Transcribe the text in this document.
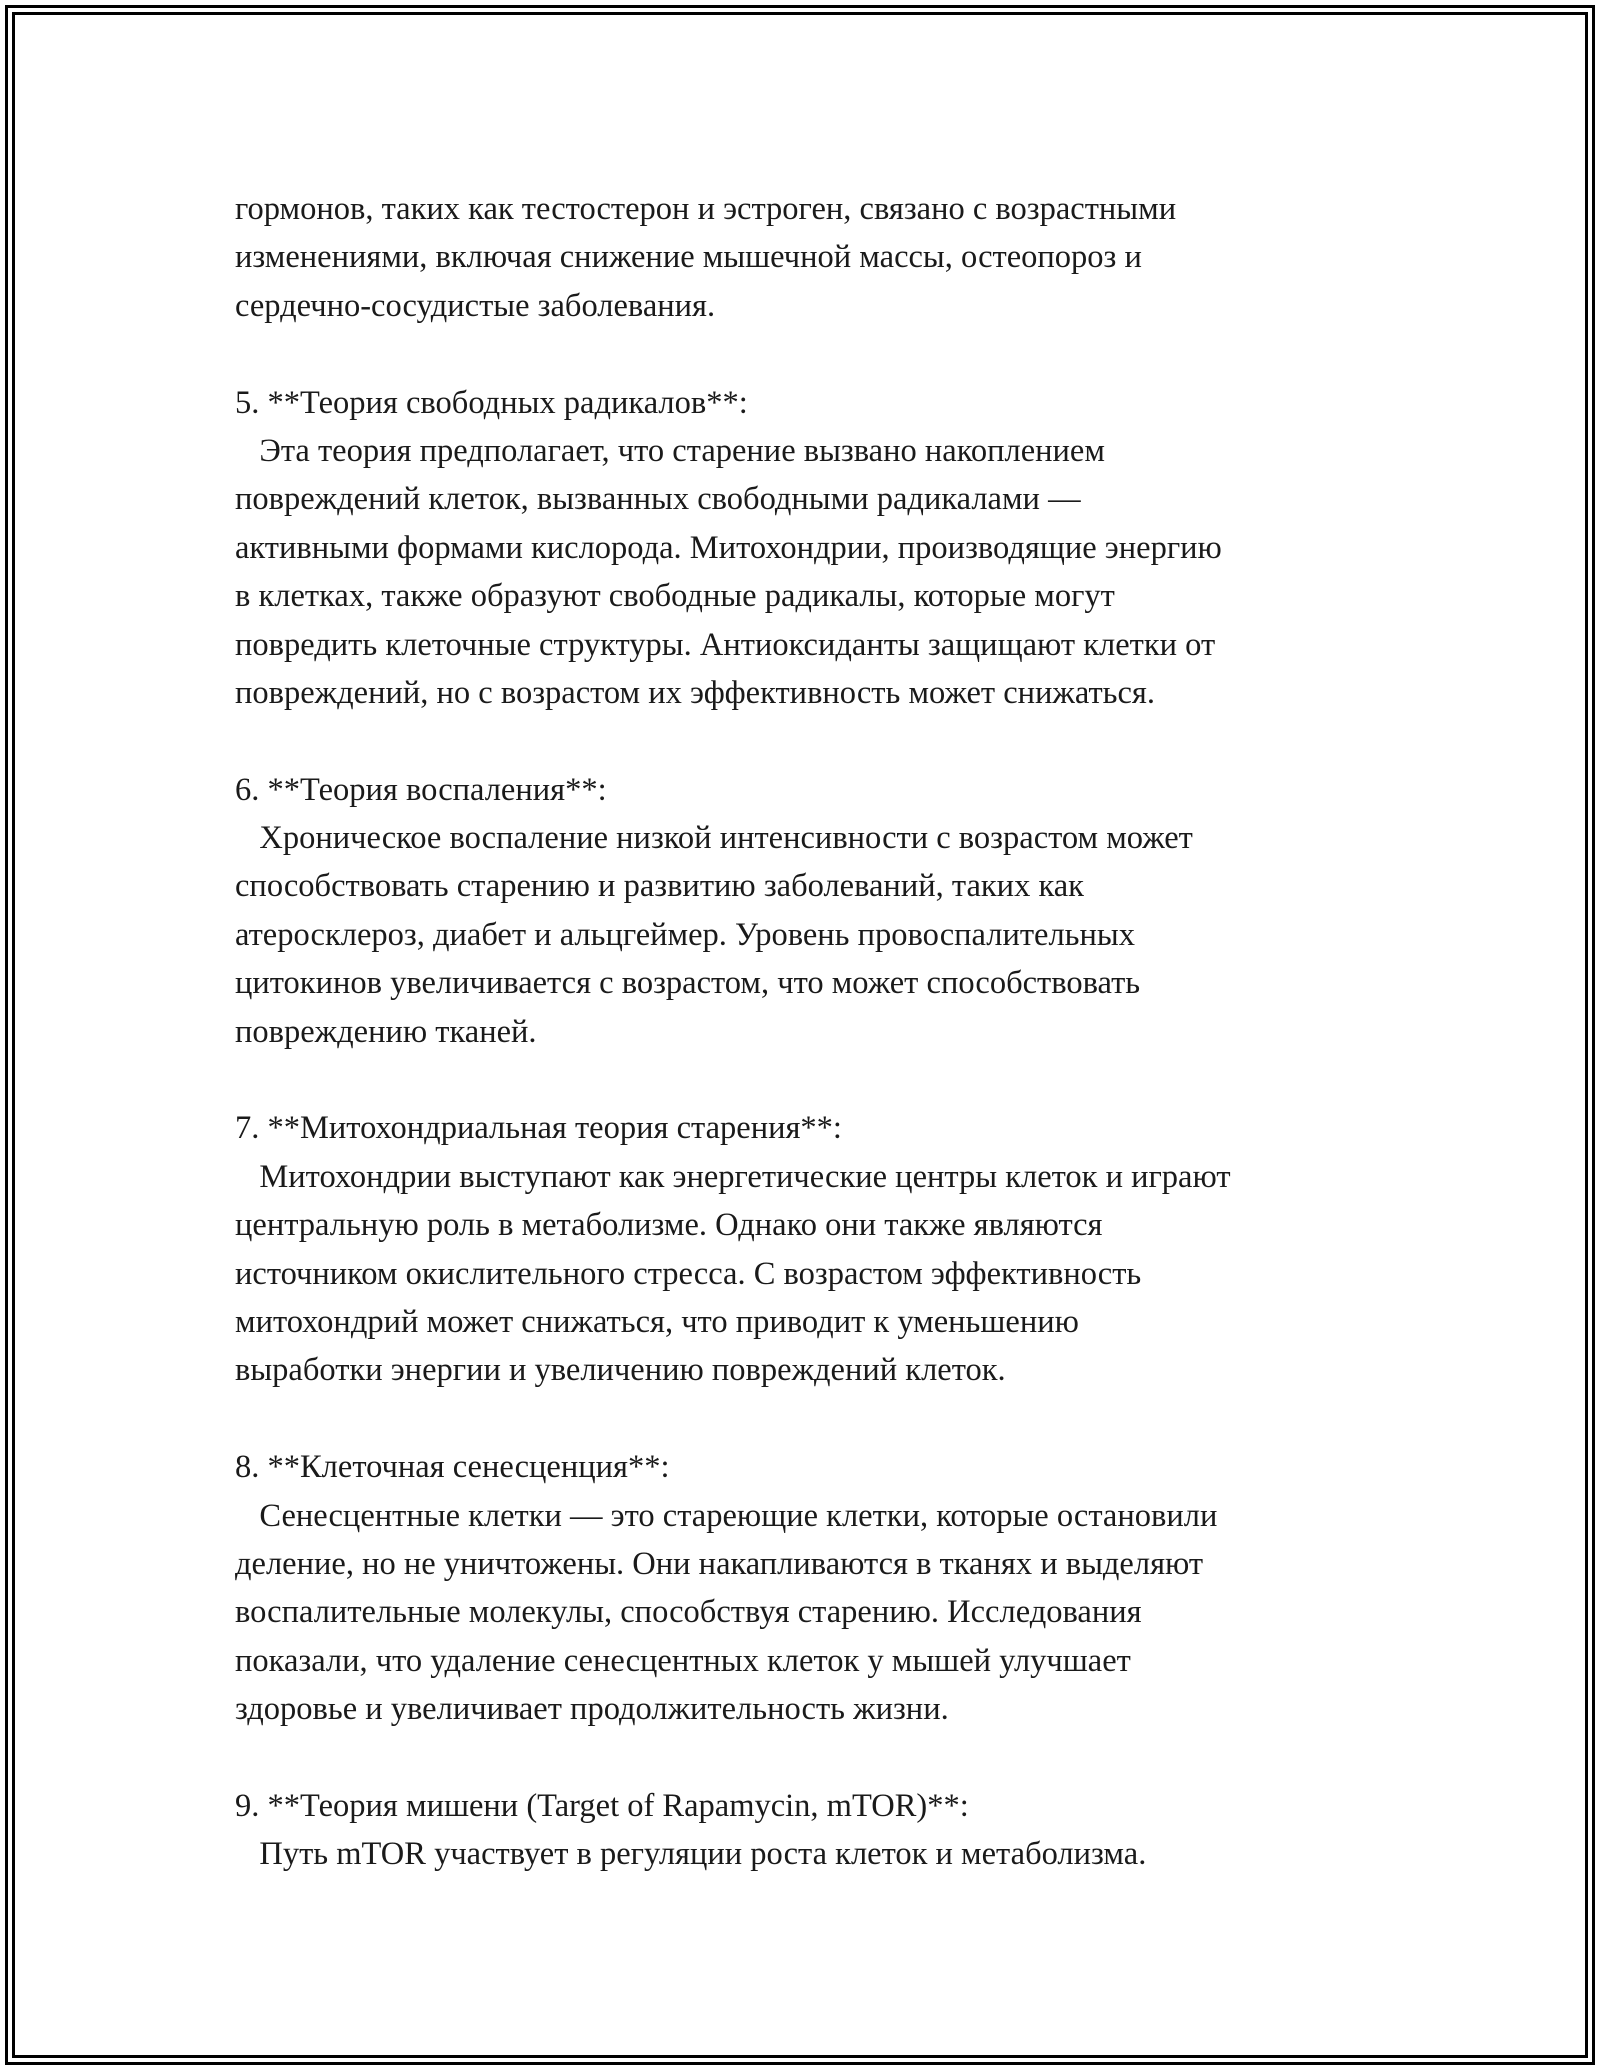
гормонов, таких как тестостерон и эстроген, связано с возрастными
изменениями, включая снижение мышечной массы, остеопороз и
сердечно-сосудистые заболевания.
5. **Теория свободных радикалов**:
Эта теория предполагает, что старение вызвано накоплением
повреждений клеток, вызванных свободными радикалами —
активными формами кислорода. Митохондрии, производящие энергию
в клетках, также образуют свободные радикалы, которые могут
повредить клеточные структуры. Антиоксиданты защищают клетки от
повреждений, но с возрастом их эффективность может снижаться.
6. **Теория воспаления**:
Хроническое воспаление низкой интенсивности с возрастом может
способствовать старению и развитию заболеваний, таких как
атеросклероз, диабет и альцгеймер. Уровень провоспалительных
цитокинов увеличивается с возрастом, что может способствовать
повреждению тканей.
7. **Митохондриальная теория старения**:
Митохондрии выступают как энергетические центры клеток и играют
центральную роль в метаболизме. Однако они также являются
источником окислительного стресса. С возрастом эффективность
митохондрий может снижаться, что приводит к уменьшению
выработки энергии и увеличению повреждений клеток.
8. **Клеточная сенесценция**:
Сенесцентные клетки — это стареющие клетки, которые остановили
деление, но не уничтожены. Они накапливаются в тканях и выделяют
воспалительные молекулы, способствуя старению. Исследования
показали, что удаление сенесцентных клеток у мышей улучшает
здоровье и увеличивает продолжительность жизни.
9. **Теория мишени (Target of Rapamycin, mTOR)**:
Путь mTOR участвует в регуляции роста клеток и метаболизма.
